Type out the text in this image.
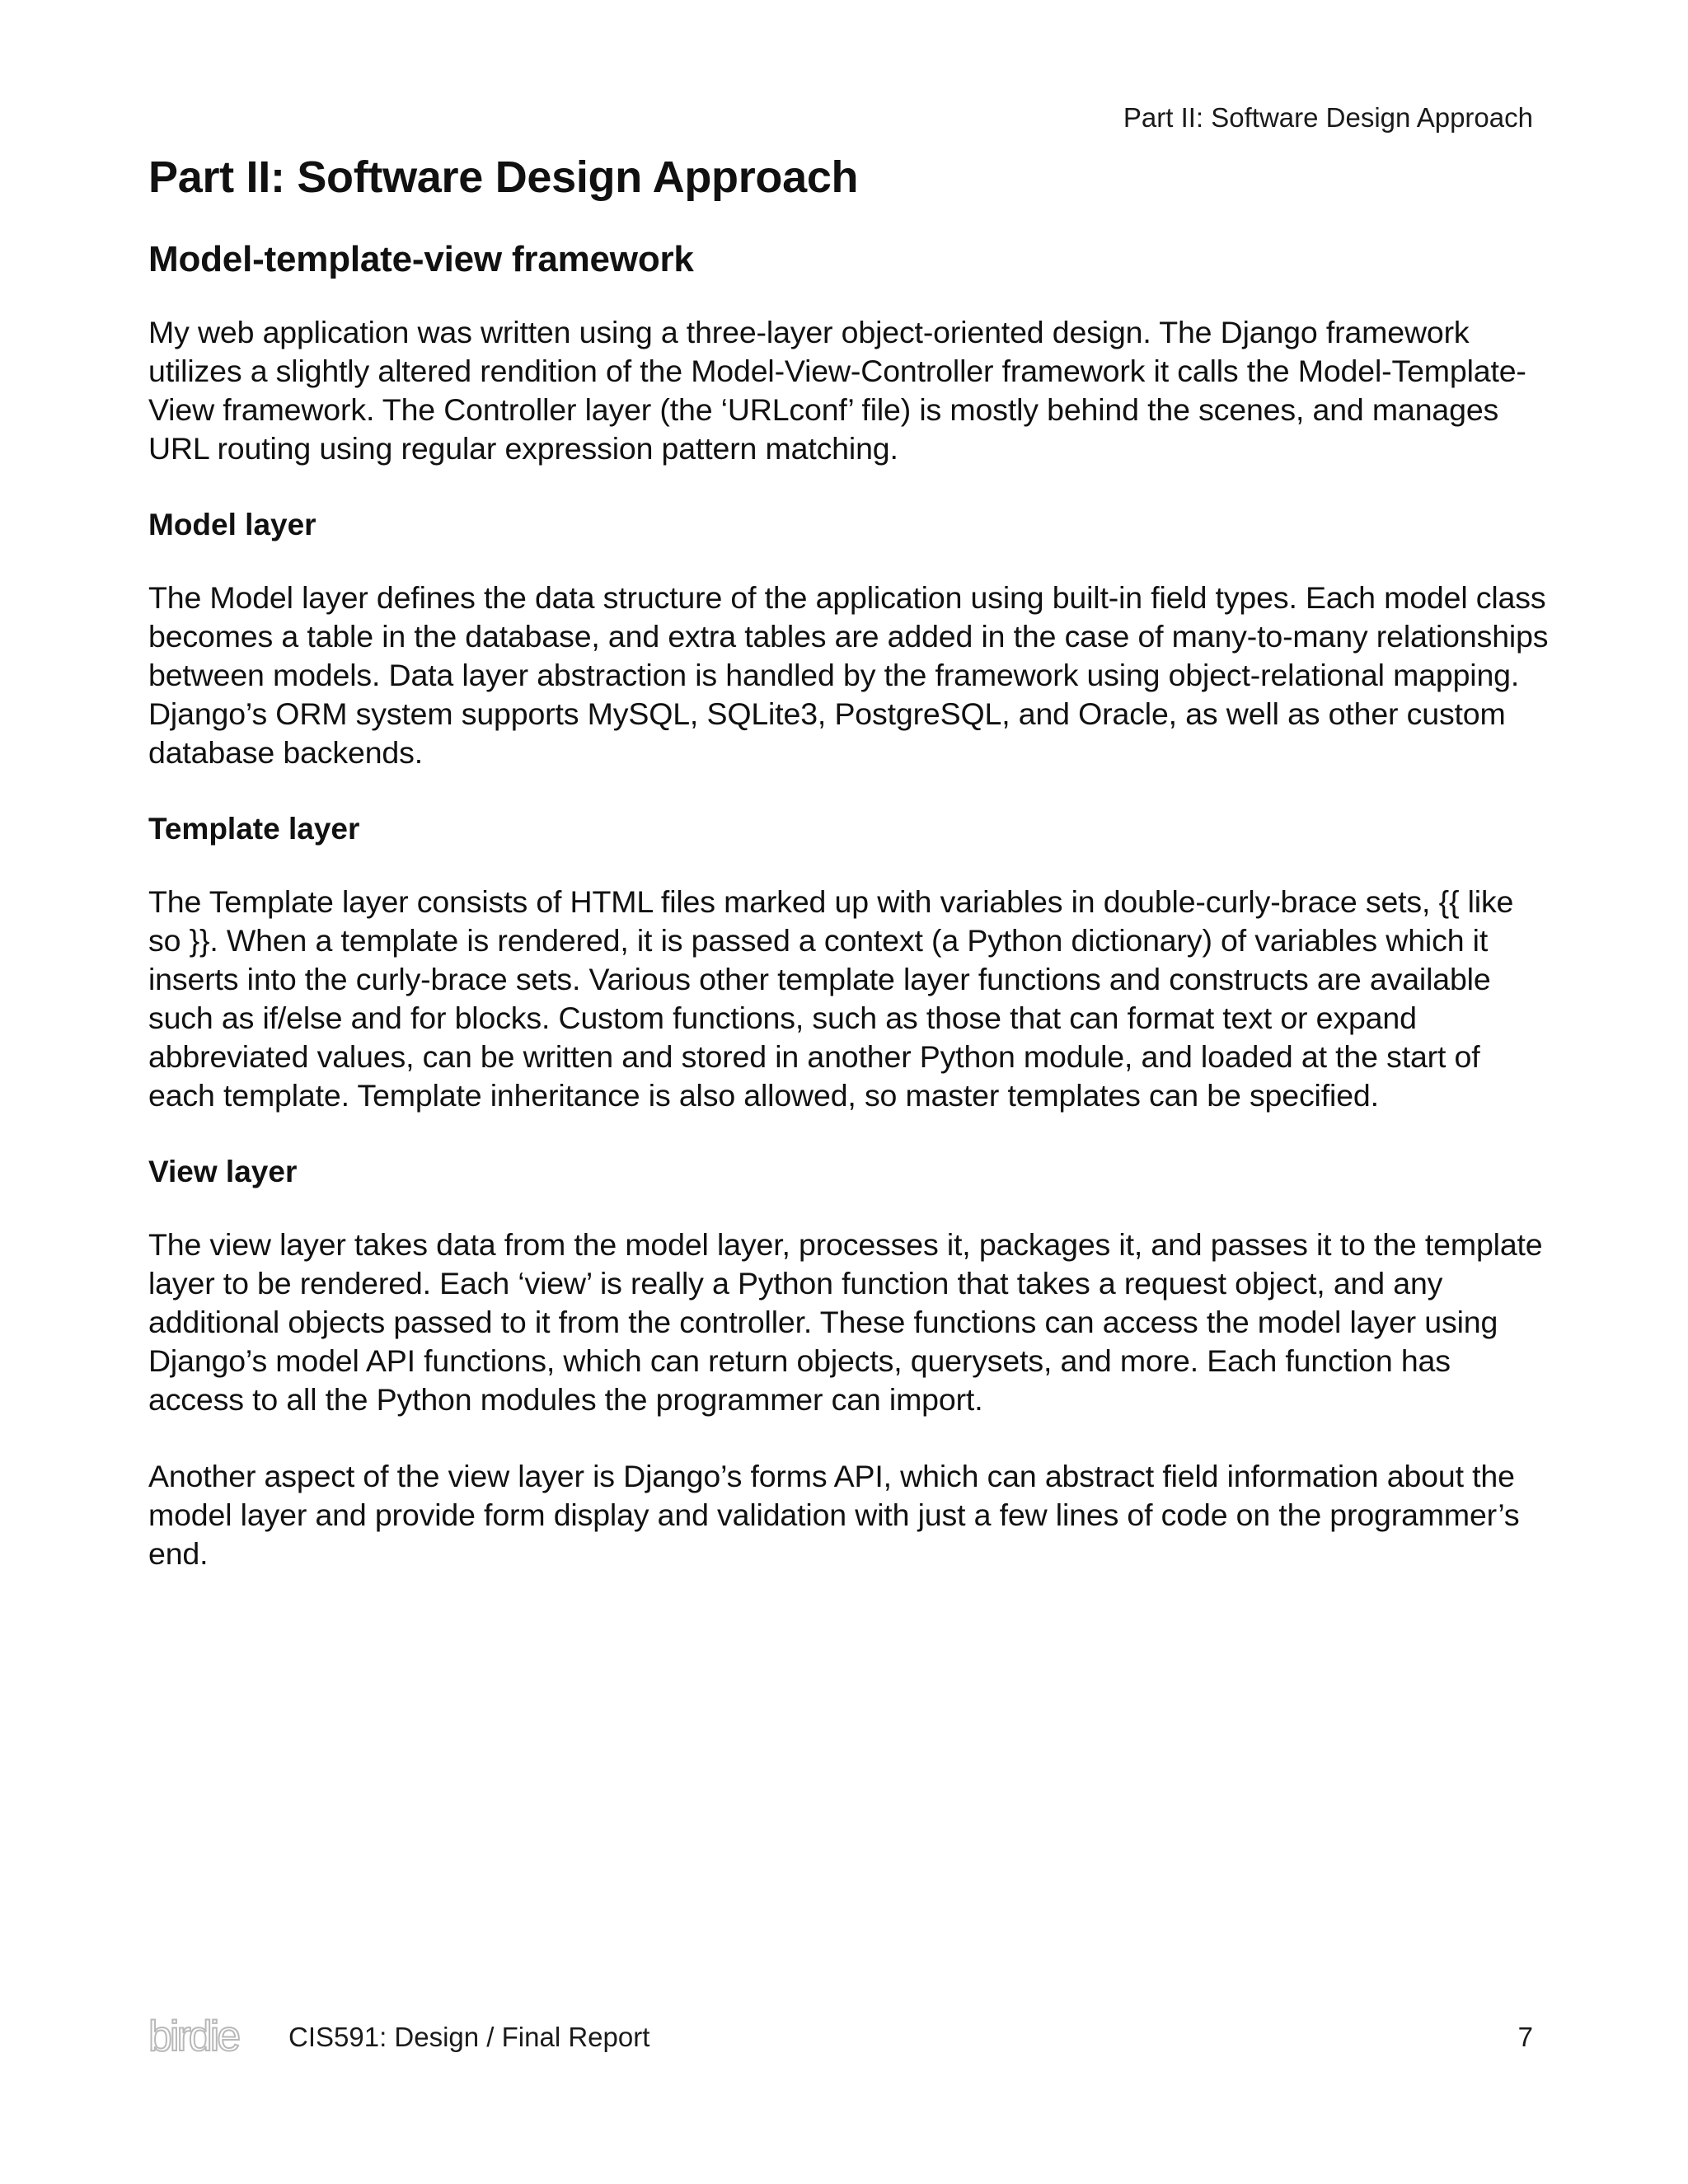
Part II: Software Design Approach
Part II: Software Design Approach
Model-template-view framework

My web application was written using a three-layer object-oriented design. The Django framework utilizes a slightly altered rendition of the Model-View-Controller framework it calls the Model-Template-View framework. The Controller layer (the ‘URLconf’ file) is mostly behind the scenes, and manages URL routing using regular expression pattern matching.

Model layer

The Model layer defines the data structure of the application using built-in field types. Each model class becomes a table in the database, and extra tables are added in the case of many-to-many relationships between models. Data layer abstraction is handled by the framework using object-relational mapping. Django’s ORM system supports MySQL, SQLite3, PostgreSQL, and Oracle, as well as other custom database backends.

Template layer

The Template layer consists of HTML files marked up with variables in double-curly-brace sets, {{ like so }}. When a template is rendered, it is passed a context (a Python dictionary) of variables which it inserts into the curly-brace sets. Various other template layer functions and constructs are available such as if/else and for blocks. Custom functions, such as those that can format text or expand abbreviated values, can be written and stored in another Python module, and loaded at the start of each template. Template inheritance is also allowed, so master templates can be specified.

View layer

The view layer takes data from the model layer, processes it, packages it, and passes it to the template layer to be rendered. Each ‘view’ is really a Python function that takes a request object, and any additional objects passed to it from the controller. These functions can access the model layer using Django’s model API functions, which can return objects, querysets, and more. Each function has access to all the Python modules the programmer can import.

Another aspect of the view layer is Django’s forms API, which can abstract field information about the model layer and provide form display and validation with just a few lines of code on the programmer’s end.

birdie CIS591: Design / Final Report	7
